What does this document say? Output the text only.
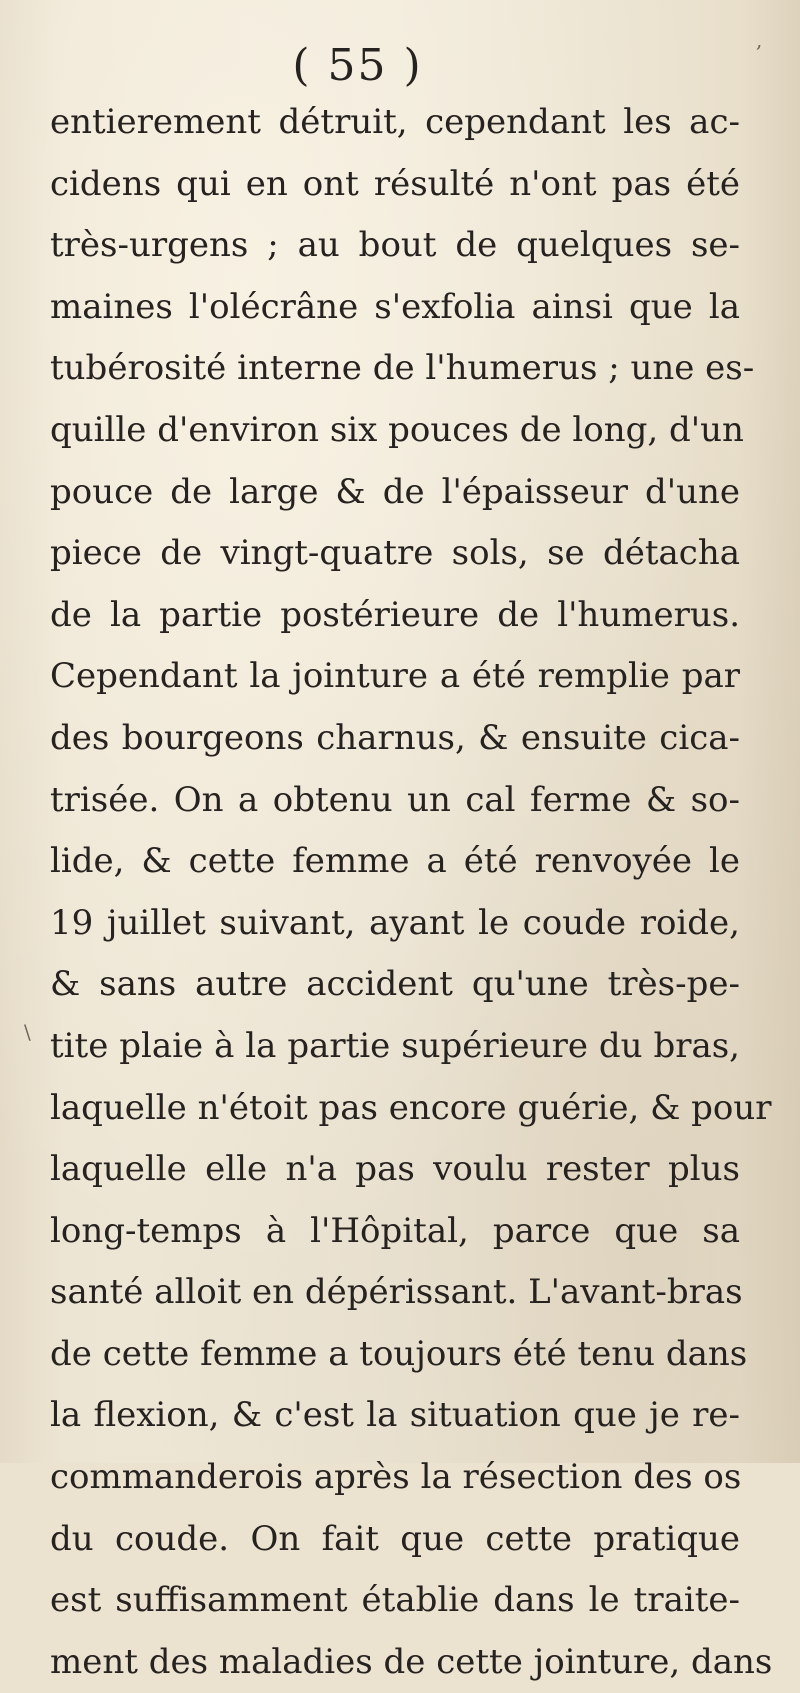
( 55 )
entierement détruit, cependant les ac-
cidens qui en ont résulté n'ont pas été
très-urgens ; au bout de quelques se-
maines l'olécrâne s'exfolia ainsi que la
tubérosité interne de l'humerus ; une es-
quille d'environ six pouces de long, d'un
pouce de large & de l'épaisseur d'une
piece de vingt-quatre sols, se détacha
de la partie postérieure de l'humerus.
Cependant la jointure a été remplie par
des bourgeons charnus, & ensuite cica-
trisée. On a obtenu un cal ferme & so-
lide, & cette femme a été renvoyée le
19 juillet suivant, ayant le coude roide,
& sans autre accident qu'une très-pe-
tite plaie à la partie supérieure du bras,
laquelle n'étoit pas encore guérie, & pour
laquelle elle n'a pas voulu rester plus
long-temps à l'Hôpital, parce que sa
santé alloit en dépérissant. L'avant-bras
de cette femme a toujours été tenu dans
la flexion, & c'est la situation que je re-
commanderois après la résection des os
du coude. On fait que cette pratique
est suffisamment établie dans le traite-
ment des maladies de cette jointure, dans
\
,
